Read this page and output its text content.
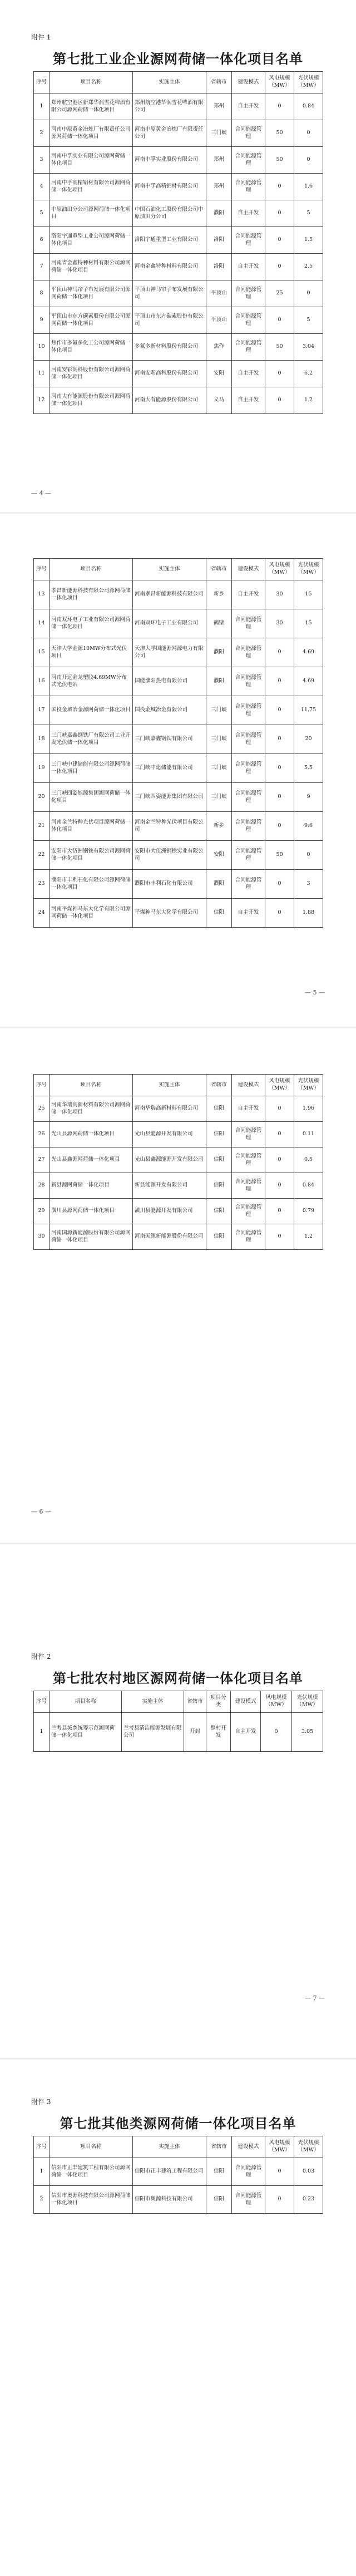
附件 1
第七批工业企业源网荷储一体化项目名单
序号	项目名称	实施主体	省辖市	建设模式	风电规模（MW）	光伏规模（MW）
1	郑州航空港区新郑华润雪花啤酒有限公司源网荷储一体化项目	郑州航空港华润雪花啤酒有限公司	郑州	自主开发	0	0.84
2	河南中原黄金冶炼厂有限责任公司源网荷储一体化项目	河南中原黄金冶炼厂有限责任公司	三门峡	合同能源管理	50	0
3	河南中孚实业有限公司源网荷储一体化项目	河南中孚实业股份有限公司	郑州	合同能源管理	50	0
4	河南中孚高精铝材有限公司源网荷储一体化项目	河南中孚高精铝材有限公司	郑州	合同能源管理	0	1.6
5	中原油田分公司源网荷储一体化项目	中国石油化工股份有限公司中原油田分公司	濮阳	自主开发	0	5
6	洛阳宇通重型工业公司源网荷储一体化项目	洛阳宇通重型工业有限公司	洛阳	合同能源管理	0	1.5
7	河南省金鑫特种材料有限公司源网荷储一体化项目	河南金鑫特种材料有限公司	洛阳	自主开发	0	2.5
8	平顶山神马帘子布发展有限公司源网荷储一体化项目	平顶山神马帘子布发展有限公司	平顶山	合同能源管理	25	0
9	平顶山市东方碳素股份有限公司源网荷储一体化项目	平顶山市东方碳素股份有限公司	平顶山	合同能源管理	0	5
10	焦作市多氟多化工公司源网荷储一体化项目	多氟多新材料股份有限公司	焦作	合同能源管理	50	3.04
11	河南安彩高科股份有限公司源网荷储一体化项目	河南安彩高科股份有限公司	安阳	自主开发	0	6.2
12	河南大有能源股份有限公司源网荷储一体化项目	河南大有能源股份有限公司	义马	自主开发	0	1.2
— 4 —
序号	项目名称	实施主体	省辖市	建设模式	风电规模（MW）	光伏规模（MW）
13	孝昌新能源科技有限公司源网荷储一体化项目	河南孝昌新能源科技有限公司	新乡	自主开发	30	15
14	河南双环电子工业有限公司源网荷储一体化项目	河南双环电子工业有限公司	鹤壁	合同能源管理	30	15
15	天津大学金源10MW分布式光伏项目	天津大学国能源网源电力有限公司	濮阳	合同能源管理	0	4.69
16	河南开远金龙塑胶4.69MW分布式光伏电站	国能濮阳热电有限公司	濮阳	合同能源管理	0	4.69
17	国投金城冶金源网荷储一体化项目	国投金城冶金有限公司	三门峡	合同能源管理	0	11.75
18	三门峡嘉鑫钢铁厂有限公司工业开发光伏储一体化项目	三门峡嘉鑫钢铁有限公司	三门峡	合同能源管理	0	20
19	三门峡中建储能有限公司源网荷储一体化项目	三门峡中建储能有限公司	三门峡	合同能源管理	0	5.5
20	三门峡四姿能源集团源网荷储一体化项目	三门峡四姿能源集团有限公司	三门峡	合同能源管理	0	9
21	河南金兰特种光伏项目源网荷储一体化项目	河南金兰特种光伏项目有限公司	新乡	合同能源管理	0	9.6
22	安阳市大伍洲钢铁有限公司源网荷储一体化项目	安阳市大伍洲钢铁实业有限公司	安阳	合同能源管理	50	0
23	濮阳市丰利石化有限公司源网荷储一体化项目	濮阳市丰利石化有限公司	濮阳	合同能源管理	0	3
24	河南平煤神马东大化学有限公司源网荷储一体化项目	平煤神马东大化学有限公司	信阳	自主开发	0	1.88
— 5 —
序号	项目名称	实施主体	省辖市	建设模式	风电规模（MW）	光伏规模（MW）
25	河南华瑞高新材料有限公司源网荷储一体化项目	河南华瑞高新材料有限公司	信阳	自主开发	0	1.96
26	光山县源网荷储一体化项目	光山县能源开发有限公司	信阳	合同能源管理	0	0.11
27	光山县鑫源网荷储一体化项目	光山县鑫源能源开发有限公司	信阳	合同能源管理	0	0.5
28	新县源网荷储一体化项目	新县能源开发有限公司	信阳	合同能源管理	0	0.84
29	潢川县源网荷储一体化项目	潢川县能源开发有限公司	信阳	合同能源管理	0	0.79
30	河南国源新能源股份有限公司源网荷储一体化项目	河南国源新能源股份有限公司	信阳	合同能源管理	0	1.2
— 6 —
附件 2
第七批农村地区源网荷储一体化项目名单
序号	项目名称	实施主体	省辖市	项目分类	建设模式	风电规模（MW）	光伏规模（MW）
1	兰考县城乡统筹示范源网荷储一体化项目	兰考县清洁能源发展有限公司	开封	整村开发	自主开发	0	3.05
— 7 —
附件 3
第七批其他类源网荷储一体化项目名单
序号	项目名称	实施主体	省辖市	建设模式	风电规模（MW）	光伏规模（MW）
1	信阳市正丰建筑工程有限公司源网荷储一体化项目	信阳市正丰建筑工程有限公司	信阳	合同能源管理	0	0.03
2	信阳市奥源科技有限公司源网荷储一体化项目	信阳市奥源科技有限公司	信阳	合同能源管理	0	0.23
